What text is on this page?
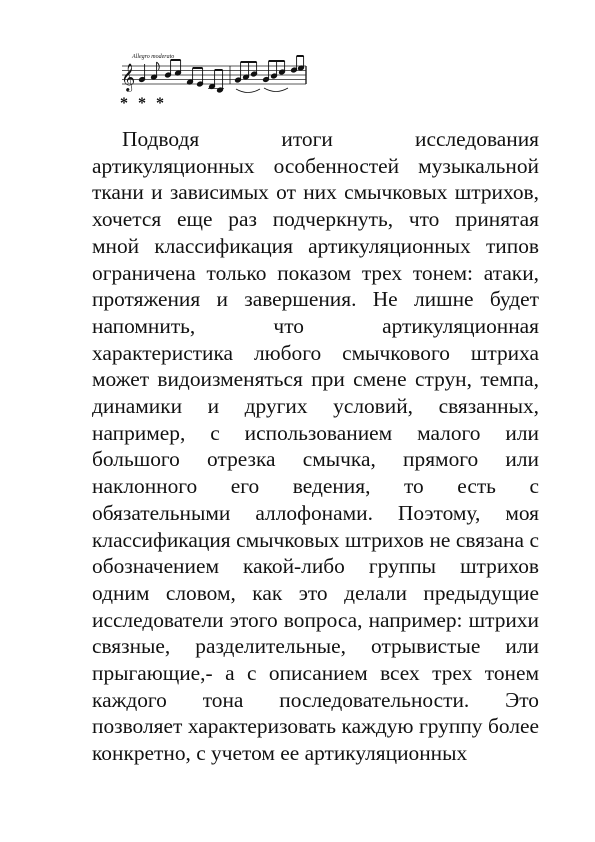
Allegro moderato
𝄞
* * *

Подводя итоги исследования артикуляционных особенностей музыкальной ткани и зависимых от них смычковых штрихов, хочется еще раз подчеркнуть, что принятая мной классификация артикуляционных типов ограничена только показом трех тонем: атаки, протяжения и завершения. Не лишне будет напомнить, что артикуляционная характеристика любого смычкового штриха может видоизменяться при смене струн, темпа, динамики и других условий, связанных, например, с использованием малого или большого отрезка смычка, прямого или наклонного его ведения, то есть с обязательными аллофонами. Поэтому, моя классификация смычковых штрихов не связана с обозначением какой-либо группы штрихов одним словом, как это делали предыдущие исследователи этого вопроса, например: штрихи связные, разделительные, отрывистые или прыгающие,- а с описанием всех трех тонем каждого тона последовательности. Это позволяет характеризовать каждую группу более конкретно, с учетом ее артикуляционных
